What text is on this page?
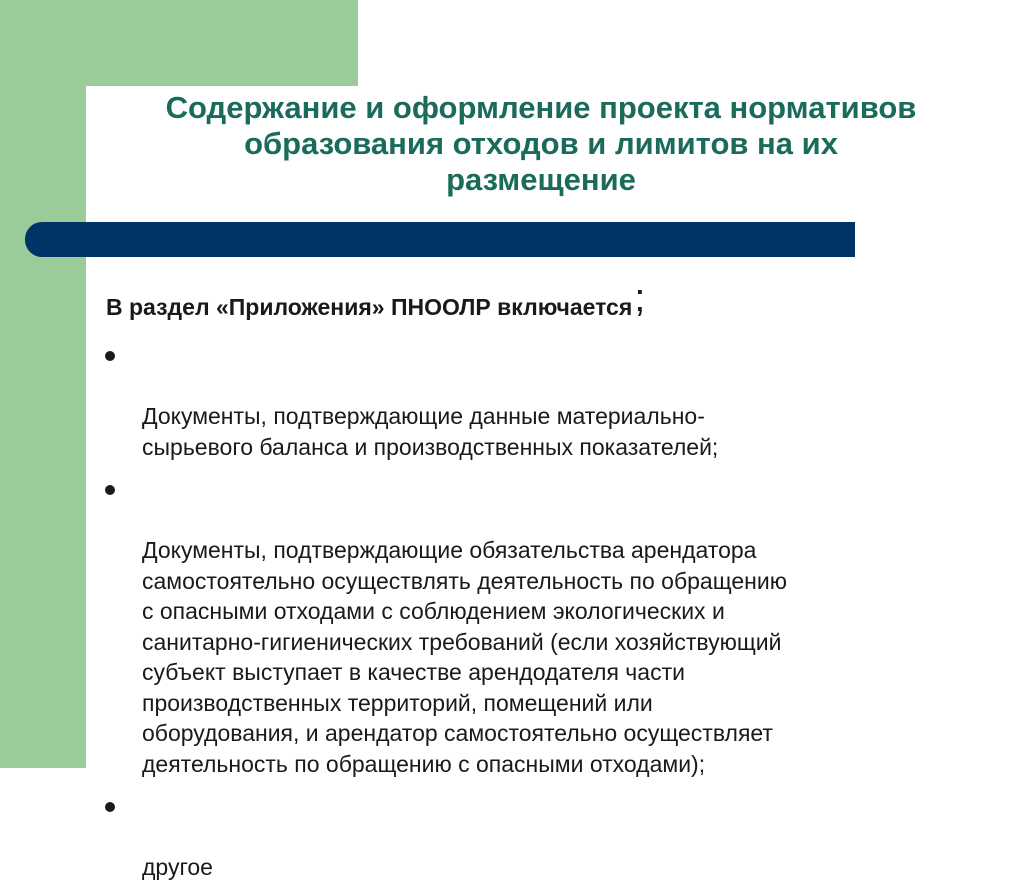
Содержание и оформление проекта нормативов
образования отходов и лимитов на их
размещение
В раздел «Приложения» ПНООЛР включается;

Документы, подтверждающие данные материально-
сырьевого баланса и производственных показателей;

Документы, подтверждающие обязательства арендатора
самостоятельно осуществлять деятельность по обращению
с опасными отходами с соблюдением экологических и
санитарно-гигиенических требований (если хозяйствующий
субъект выступает в качестве арендодателя части
производственных территорий, помещений или
оборудования, и арендатор самостоятельно осуществляет
деятельность по обращению с опасными отходами);

другое
